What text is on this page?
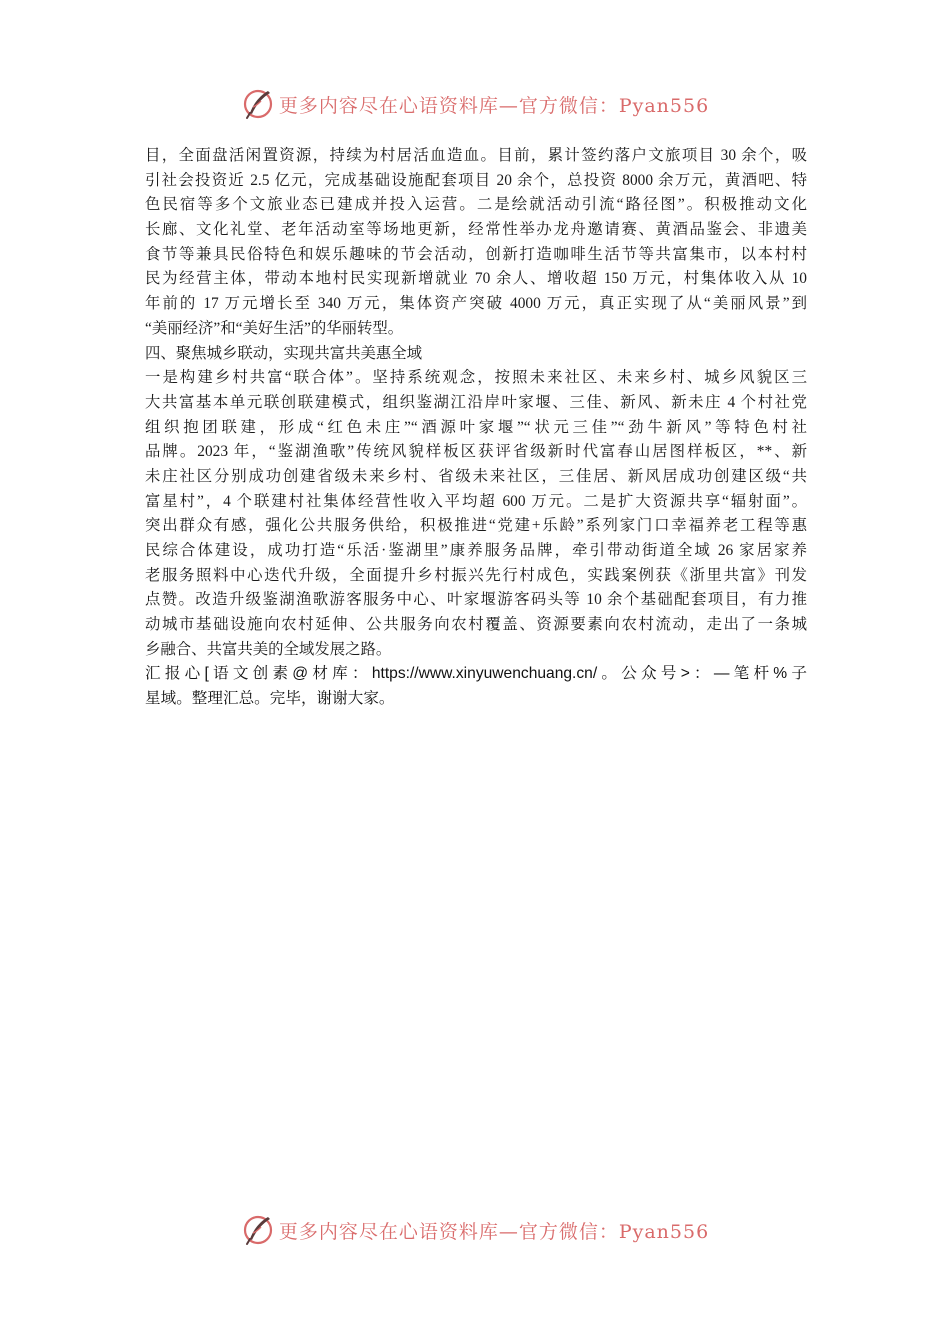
更多内容尽在心语资料库—官方微信：Pyan556
目，全面盘活闲置资源，持续为村居活血造血。目前，累计签约落户文旅项目 30 余个，吸
引社会投资近 2.5 亿元，完成基础设施配套项目 20 余个，总投资 8000 余万元，黄酒吧、特
色民宿等多个文旅业态已建成并投入运营。二是绘就活动引流“路径图”。积极推动文化
长廊、文化礼堂、老年活动室等场地更新，经常性举办龙舟邀请赛、黄酒品鉴会、非遗美
食节等兼具民俗特色和娱乐趣味的节会活动，创新打造咖啡生活节等共富集市，以本村村
民为经营主体，带动本地村民实现新增就业 70 余人、增收超 150 万元，村集体收入从 10
年前的 17 万元增长至 340 万元，集体资产突破 4000 万元，真正实现了从“美丽风景”到
“美丽经济”和“美好生活”的华丽转型。
四、聚焦城乡联动，实现共富共美惠全域
一是构建乡村共富“联合体”。坚持系统观念，按照未来社区、未来乡村、城乡风貌区三
大共富基本单元联创联建模式，组织鉴湖江沿岸叶家堰、三佳、新风、新未庄 4 个村社党
组织抱团联建，形成“红色未庄”“酒源叶家堰”“状元三佳”“劲牛新风”等特色村社
品牌。2023 年，“鉴湖渔歌”传统风貌样板区获评省级新时代富春山居图样板区，**、新
未庄社区分别成功创建省级未来乡村、省级未来社区，三佳居、新风居成功创建区级“共
富星村”，4 个联建村社集体经营性收入平均超 600 万元。二是扩大资源共享“辐射面”。
突出群众有感，强化公共服务供给，积极推进“党建+乐龄”系列家门口幸福养老工程等惠
民综合体建设，成功打造“乐活·鉴湖里”康养服务品牌，牵引带动街道全域 26 家居家养
老服务照料中心迭代升级，全面提升乡村振兴先行村成色，实践案例获《浙里共富》刊发
点赞。改造升级鉴湖渔歌游客服务中心、叶家堰游客码头等 10 余个基础配套项目，有力推
动城市基础设施向农村延伸、公共服务向农村覆盖、资源要素向农村流动，走出了一条城
乡融合、共富共美的全域发展之路。
汇报心[语文创素@材库：https://www.xinyuwenchuang.cn/。公众号>：—笔杆%子
星域。整理汇总。完毕，谢谢大家。
更多内容尽在心语资料库—官方微信：Pyan556
